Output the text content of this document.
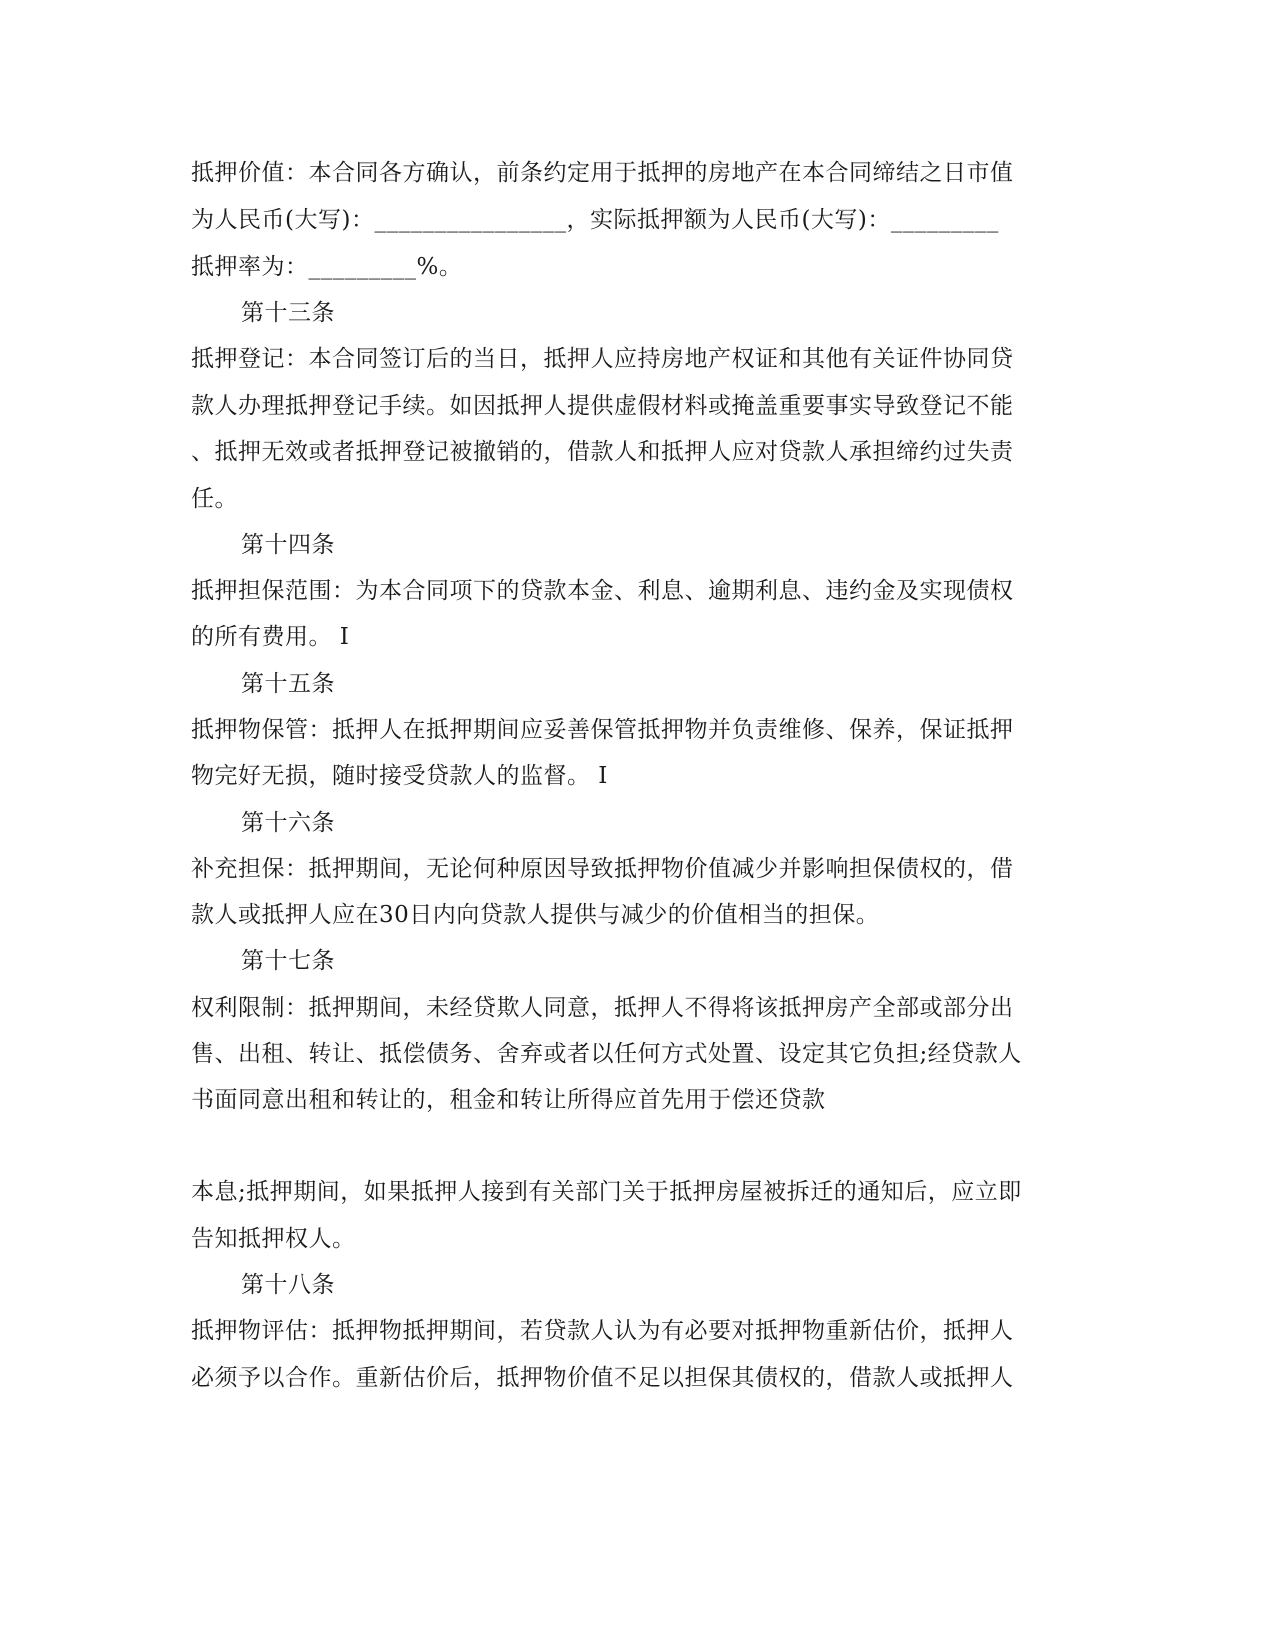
抵押价值：本合同各方确认，前条约定用于抵押的房地产在本合同缔结之日市值
为人民币(大写)：________________，实际抵押额为人民币(大写)：_________
抵押率为：_________%。
第十三条
抵押登记：本合同签订后的当日，抵押人应持房地产权证和其他有关证件协同贷
款人办理抵押登记手续。如因抵押人提供虚假材料或掩盖重要事实导致登记不能
、抵押无效或者抵押登记被撤销的，借款人和抵押人应对贷款人承担缔约过失责
任。
第十四条
抵押担保范围：为本合同项下的贷款本金、利息、逾期利息、违约金及实现债权
的所有费用。 I
第十五条
抵押物保管：抵押人在抵押期间应妥善保管抵押物并负责维修、保养，保证抵押
物完好无损，随时接受贷款人的监督。 I
第十六条
补充担保：抵押期间，无论何种原因导致抵押物价值减少并影响担保债权的，借
款人或抵押人应在30日内向贷款人提供与减少的价值相当的担保。
第十七条
权利限制：抵押期间，未经贷欺人同意，抵押人不得将该抵押房产全部或部分出
售、出租、转让、抵偿债务、舍弃或者以任何方式处置、设定其它负担;经贷款人
书面同意出租和转让的，租金和转让所得应首先用于偿还贷款
本息;抵押期间，如果抵押人接到有关部门关于抵押房屋被拆迁的通知后，应立即
告知抵押权人。
第十八条
抵押物评估：抵押物抵押期间，若贷款人认为有必要对抵押物重新估价，抵押人
必须予以合作。重新估价后，抵押物价值不足以担保其债权的，借款人或抵押人
